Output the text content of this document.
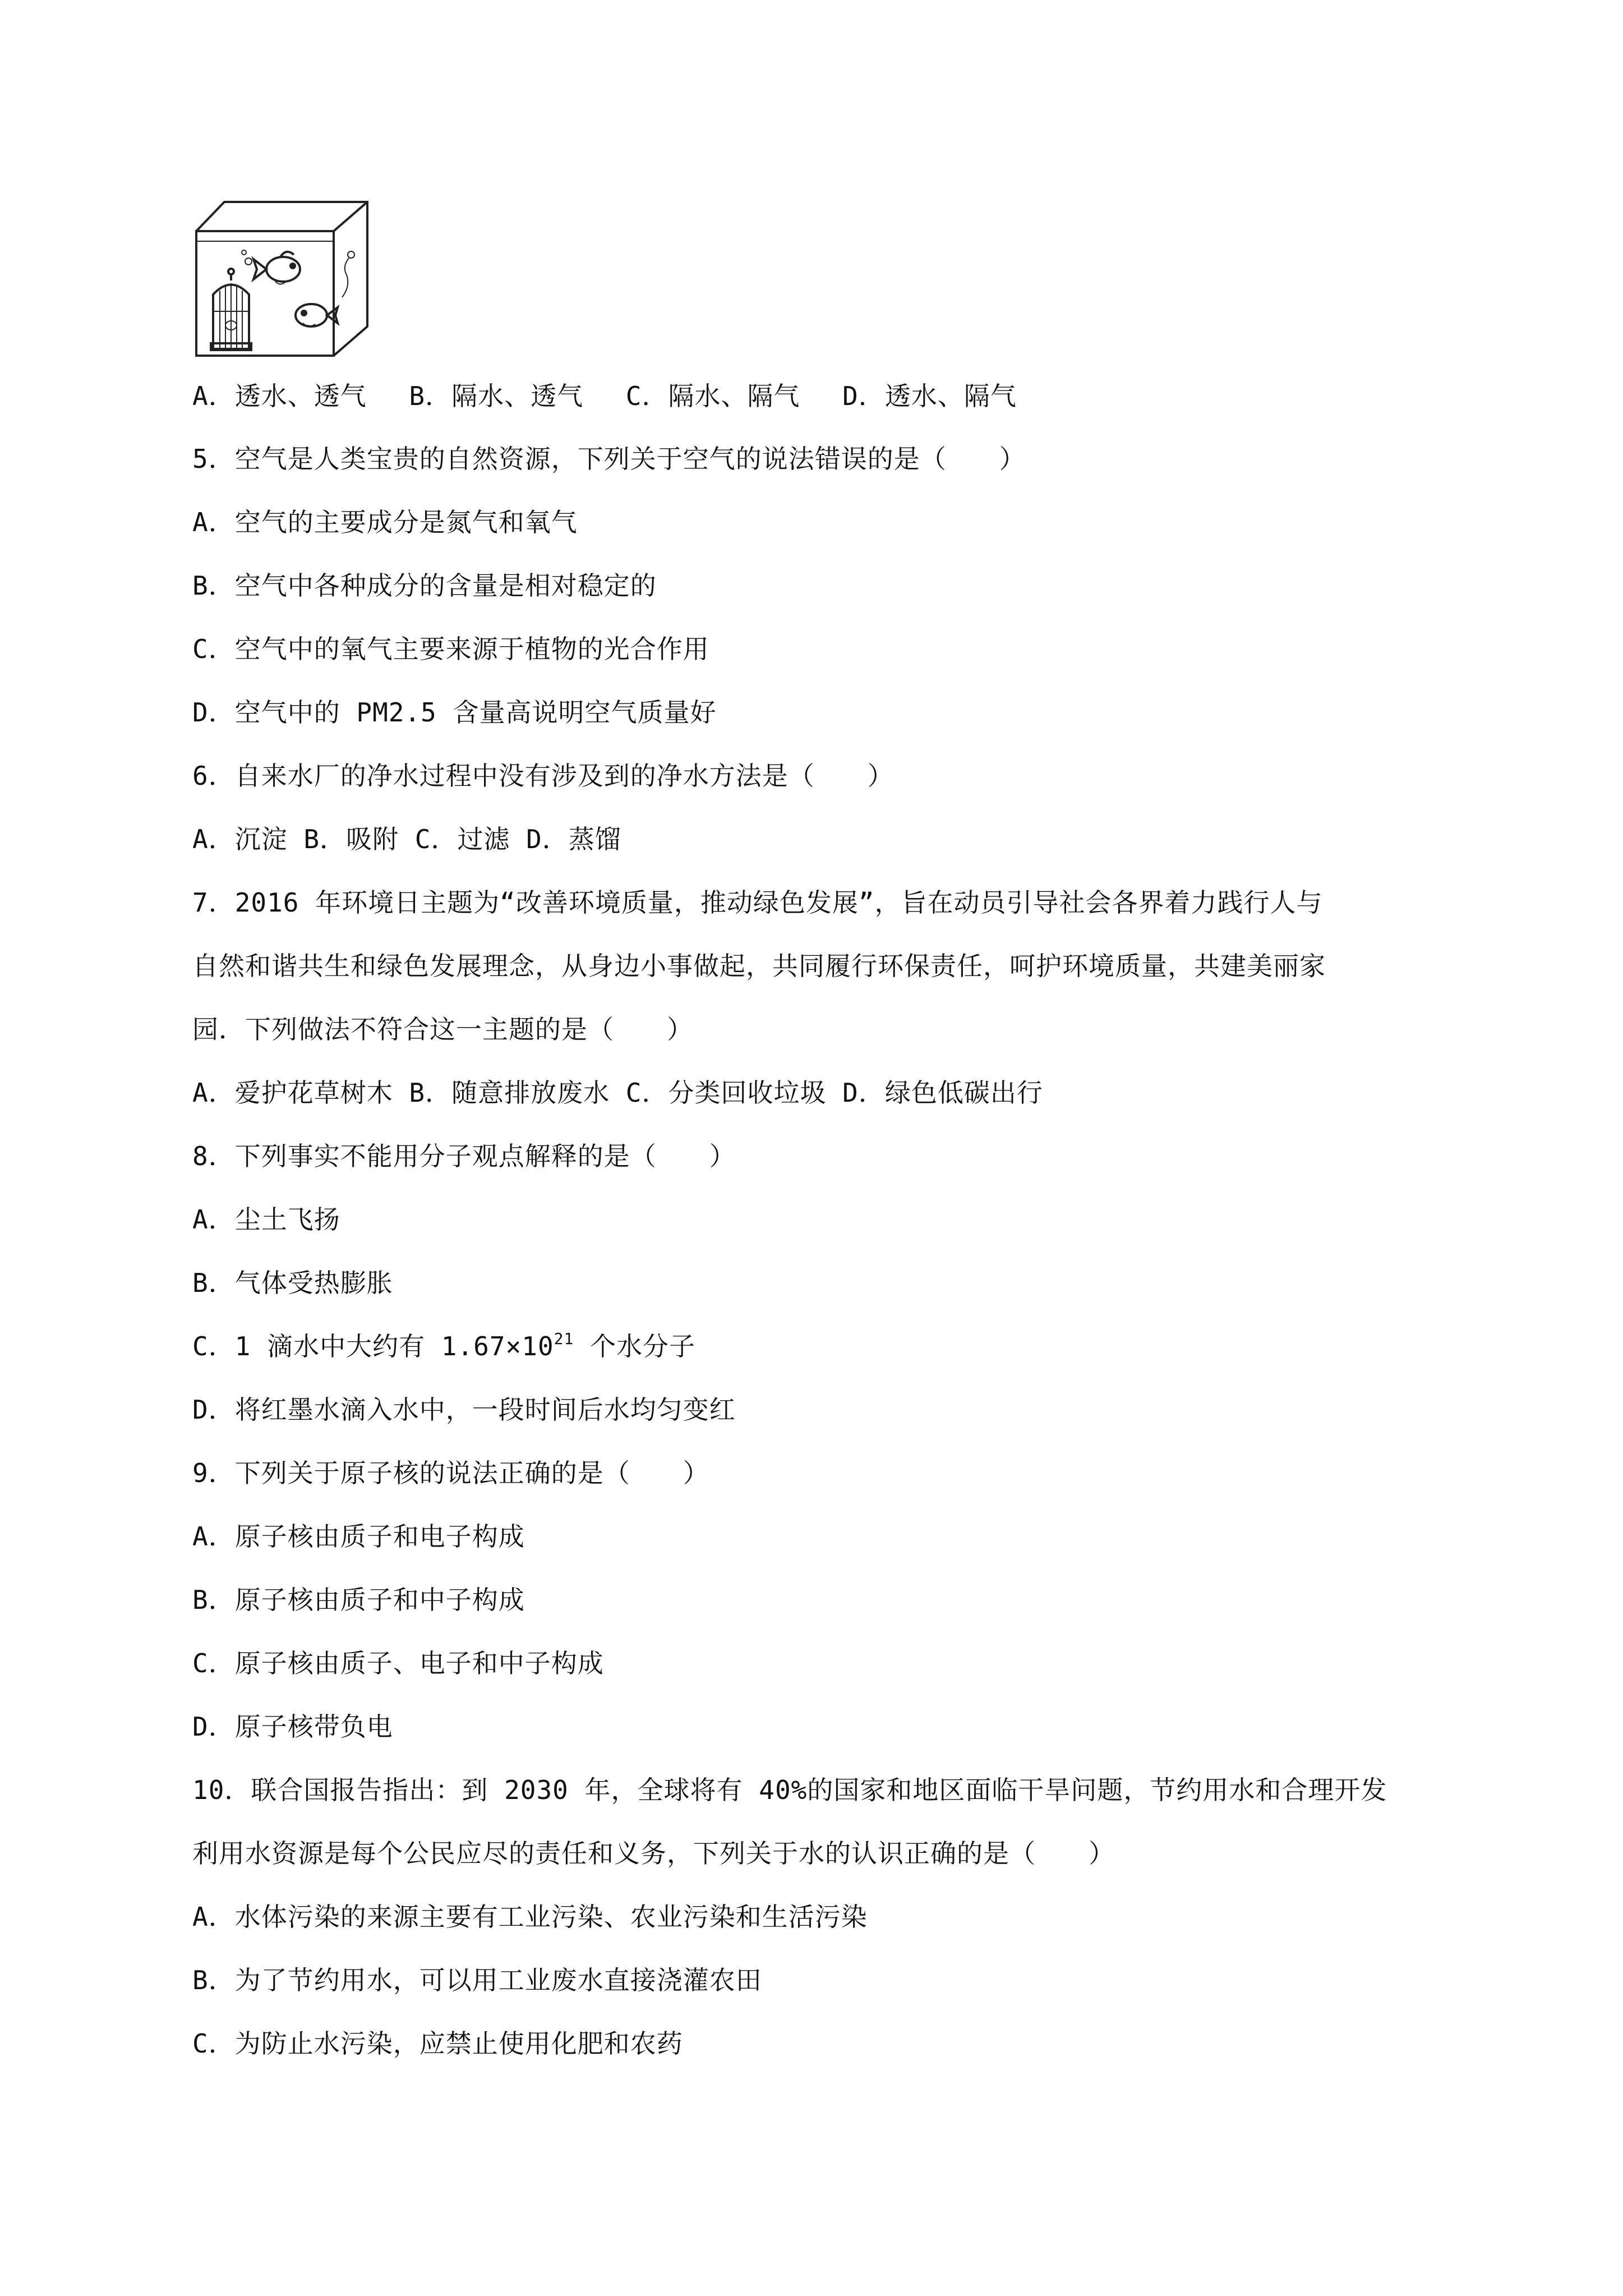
A．透水、透气　 B．隔水、透气　 C．隔水、隔气　 D．透水、隔气
5．空气是人类宝贵的自然资源，下列关于空气的说法错误的是（　　）
A．空气的主要成分是氮气和氧气
B．空气中各种成分的含量是相对稳定的
C．空气中的氧气主要来源于植物的光合作用
D．空气中的 PM2.5 含量高说明空气质量好
6．自来水厂的净水过程中没有涉及到的净水方法是（　　）
A．沉淀 B．吸附 C．过滤 D．蒸馏
7．2016 年环境日主题为“改善环境质量，推动绿色发展”，旨在动员引导社会各界着力践行人与
自然和谐共生和绿色发展理念，从身边小事做起，共同履行环保责任，呵护环境质量，共建美丽家
园．下列做法不符合这一主题的是（　　）
A．爱护花草树木 B．随意排放废水 C．分类回收垃圾 D．绿色低碳出行
8．下列事实不能用分子观点解释的是（　　）
A．尘土飞扬
B．气体受热膨胀
C．1 滴水中大约有 $1.67\times 10^{21}$ 个水分子
D．将红墨水滴入水中，一段时间后水均匀变红
9．下列关于原子核的说法正确的是（　　）
A．原子核由质子和电子构成
B．原子核由质子和中子构成
C．原子核由质子、电子和中子构成
D．原子核带负电
10．联合国报告指出：到 2030 年，全球将有 40%的国家和地区面临干旱问题，节约用水和合理开发
利用水资源是每个公民应尽的责任和义务，下列关于水的认识正确的是（　　）
A．水体污染的来源主要有工业污染、农业污染和生活污染
B．为了节约用水，可以用工业废水直接浇灌农田
C．为防止水污染，应禁止使用化肥和农药
